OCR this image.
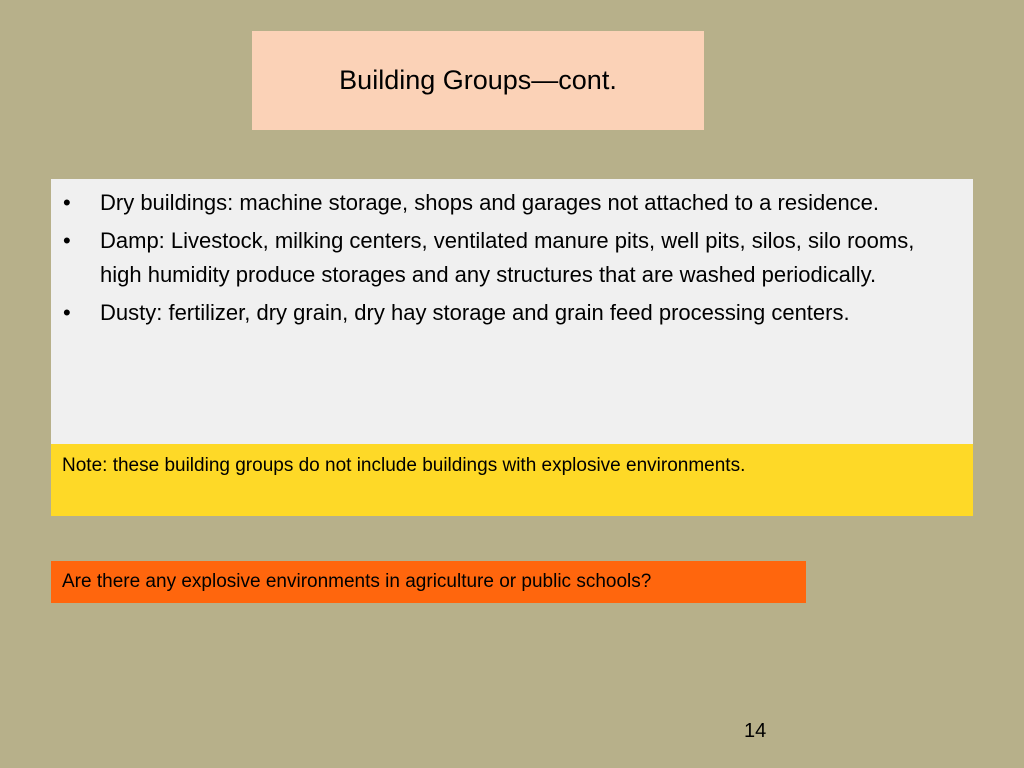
Building Groups—cont.
•	Dry buildings: machine storage, shops and garages not attached to a residence.
•	Damp: Livestock, milking centers, ventilated manure pits, well pits, silos, silo rooms, high humidity produce storages and any structures that are washed periodically.
•	Dusty: fertilizer, dry grain, dry hay storage and grain feed processing centers.
Note: these building groups do not include buildings with explosive environments.
Are there any explosive environments in agriculture or public schools?
14
